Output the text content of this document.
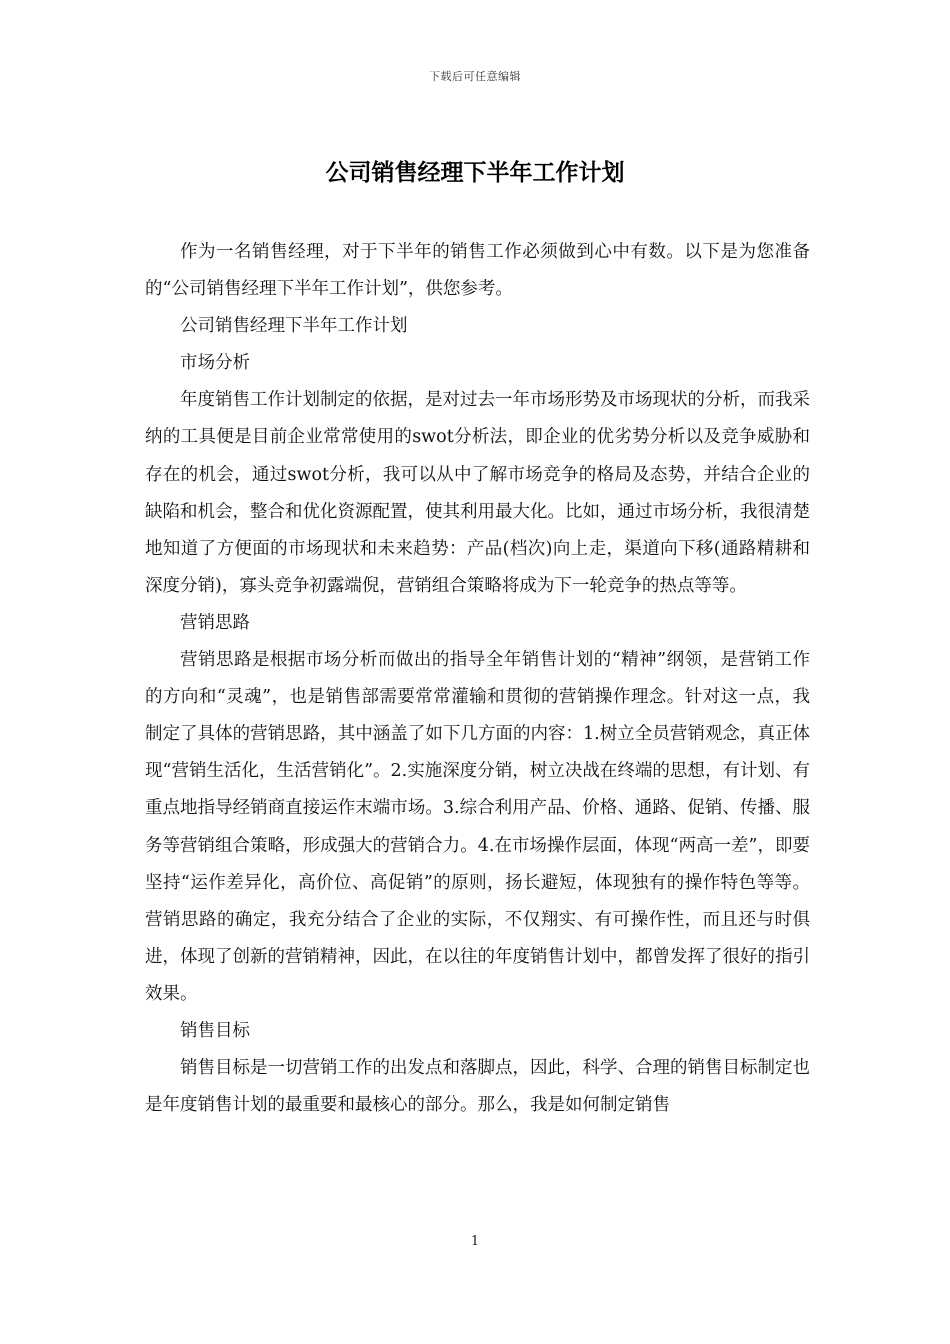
下载后可任意编辑
公司销售经理下半年工作计划

作为一名销售经理，对于下半年的销售工作必须做到心中有数。以下是为您准备的“公司销售经理下半年工作计划”，供您参考。

公司销售经理下半年工作计划

市场分析

年度销售工作计划制定的依据，是对过去一年市场形势及市场现状的分析，而我采纳的工具便是目前企业常常使用的swot分析法，即企业的优劣势分析以及竞争威胁和存在的机会，通过swot分析，我可以从中了解市场竞争的格局及态势，并结合企业的缺陷和机会，整合和优化资源配置，使其利用最大化。比如，通过市场分析，我很清楚地知道了方便面的市场现状和未来趋势：产品(档次)向上走，渠道向下移(通路精耕和深度分销)，寡头竞争初露端倪，营销组合策略将成为下一轮竞争的热点等等。

营销思路

营销思路是根据市场分析而做出的指导全年销售计划的“精神”纲领，是营销工作的方向和“灵魂”，也是销售部需要常常灌输和贯彻的营销操作理念。针对这一点，我制定了具体的营销思路，其中涵盖了如下几方面的内容：1.树立全员营销观念，真正体现“营销生活化，生活营销化”。2.实施深度分销，树立决战在终端的思想，有计划、有重点地指导经销商直接运作末端市场。3.综合利用产品、价格、通路、促销、传播、服务等营销组合策略，形成强大的营销合力。4.在市场操作层面，体现“两高一差”，即要坚持“运作差异化，高价位、高促销”的原则，扬长避短，体现独有的操作特色等等。营销思路的确定，我充分结合了企业的实际，不仅翔实、有可操作性，而且还与时俱进，体现了创新的营销精神，因此，在以往的年度销售计划中，都曾发挥了很好的指引效果。

销售目标

销售目标是一切营销工作的出发点和落脚点，因此，科学、合理的销售目标制定也是年度销售计划的最重要和最核心的部分。那么，我是如何制定销售

1
